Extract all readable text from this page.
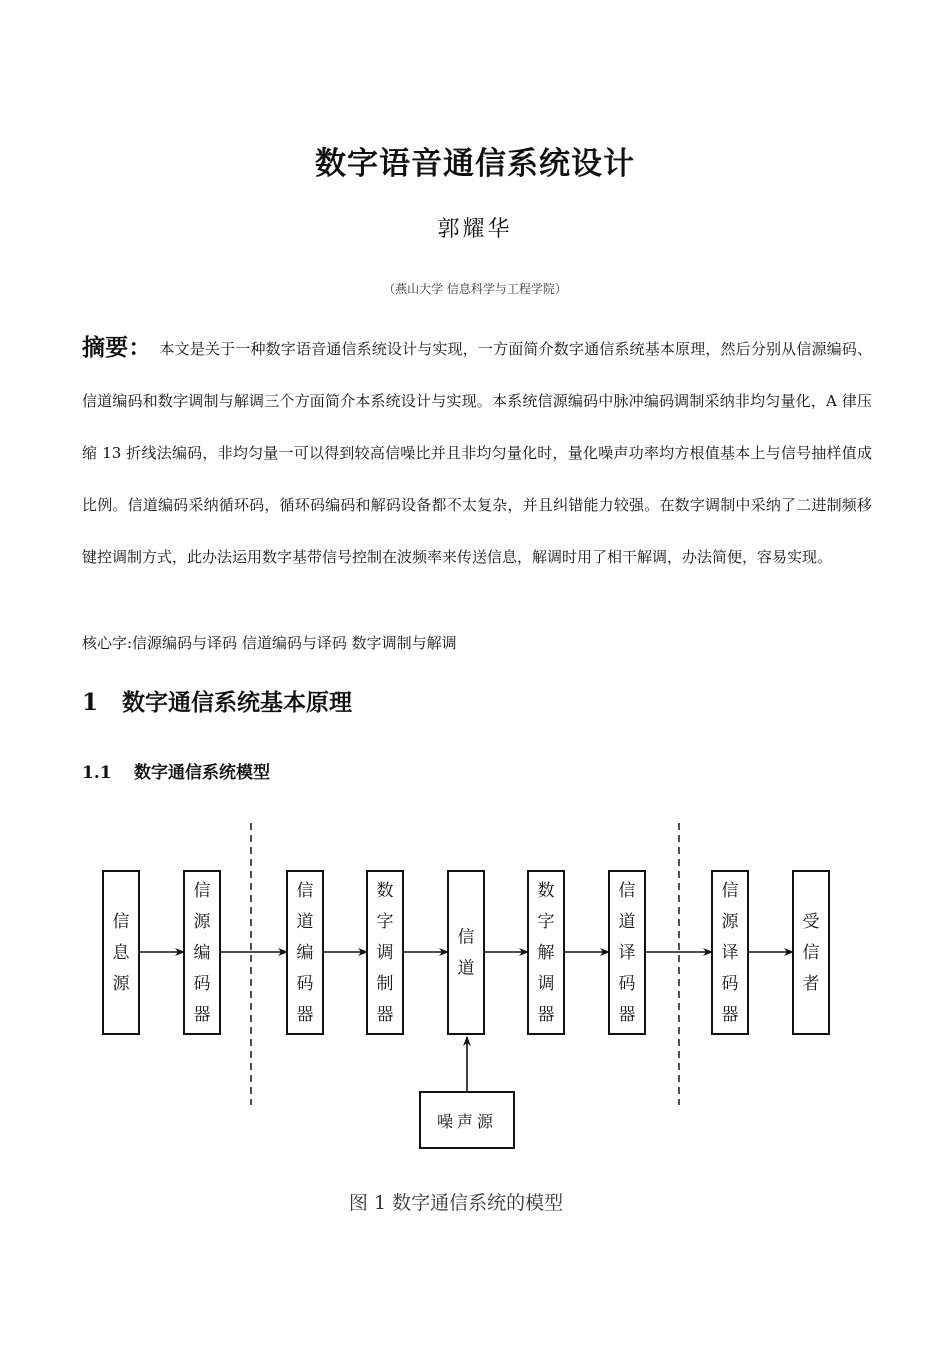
数字语音通信系统设计
郭耀华
（燕山大学 信息科学与工程学院）

摘要： 本文是关于一种数字语音通信系统设计与实现，一方面简介数字通信系统基本原理，然后分别从信源编码、信道编码和数字调制与解调三个方面简介本系统设计与实现。本系统信源编码中脉冲编码调制采纳非均匀量化，A 律压缩 13 折线法编码，非均匀量一可以得到较高信噪比并且非均匀量化时，量化噪声功率均方根值基本上与信号抽样值成比例。信道编码采纳循环码，循环码编码和解码设备都不太复杂，并且纠错能力较强。在数字调制中采纳了二进制频移键控调制方式，此办法运用数字基带信号控制在波频率来传送信息，解调时用了相干解调，办法简便，容易实现。

核心字:信源编码与译码 信道编码与译码 数字调制与解调
1 数字通信系统基本原理
1.1 数字通信系统模型
信息源
信源编码器
信道编码器
数字调制器
信道
数字解调器
信道译码器
信源译码器
受信者
噪声源
图 1 数字通信系统的模型
